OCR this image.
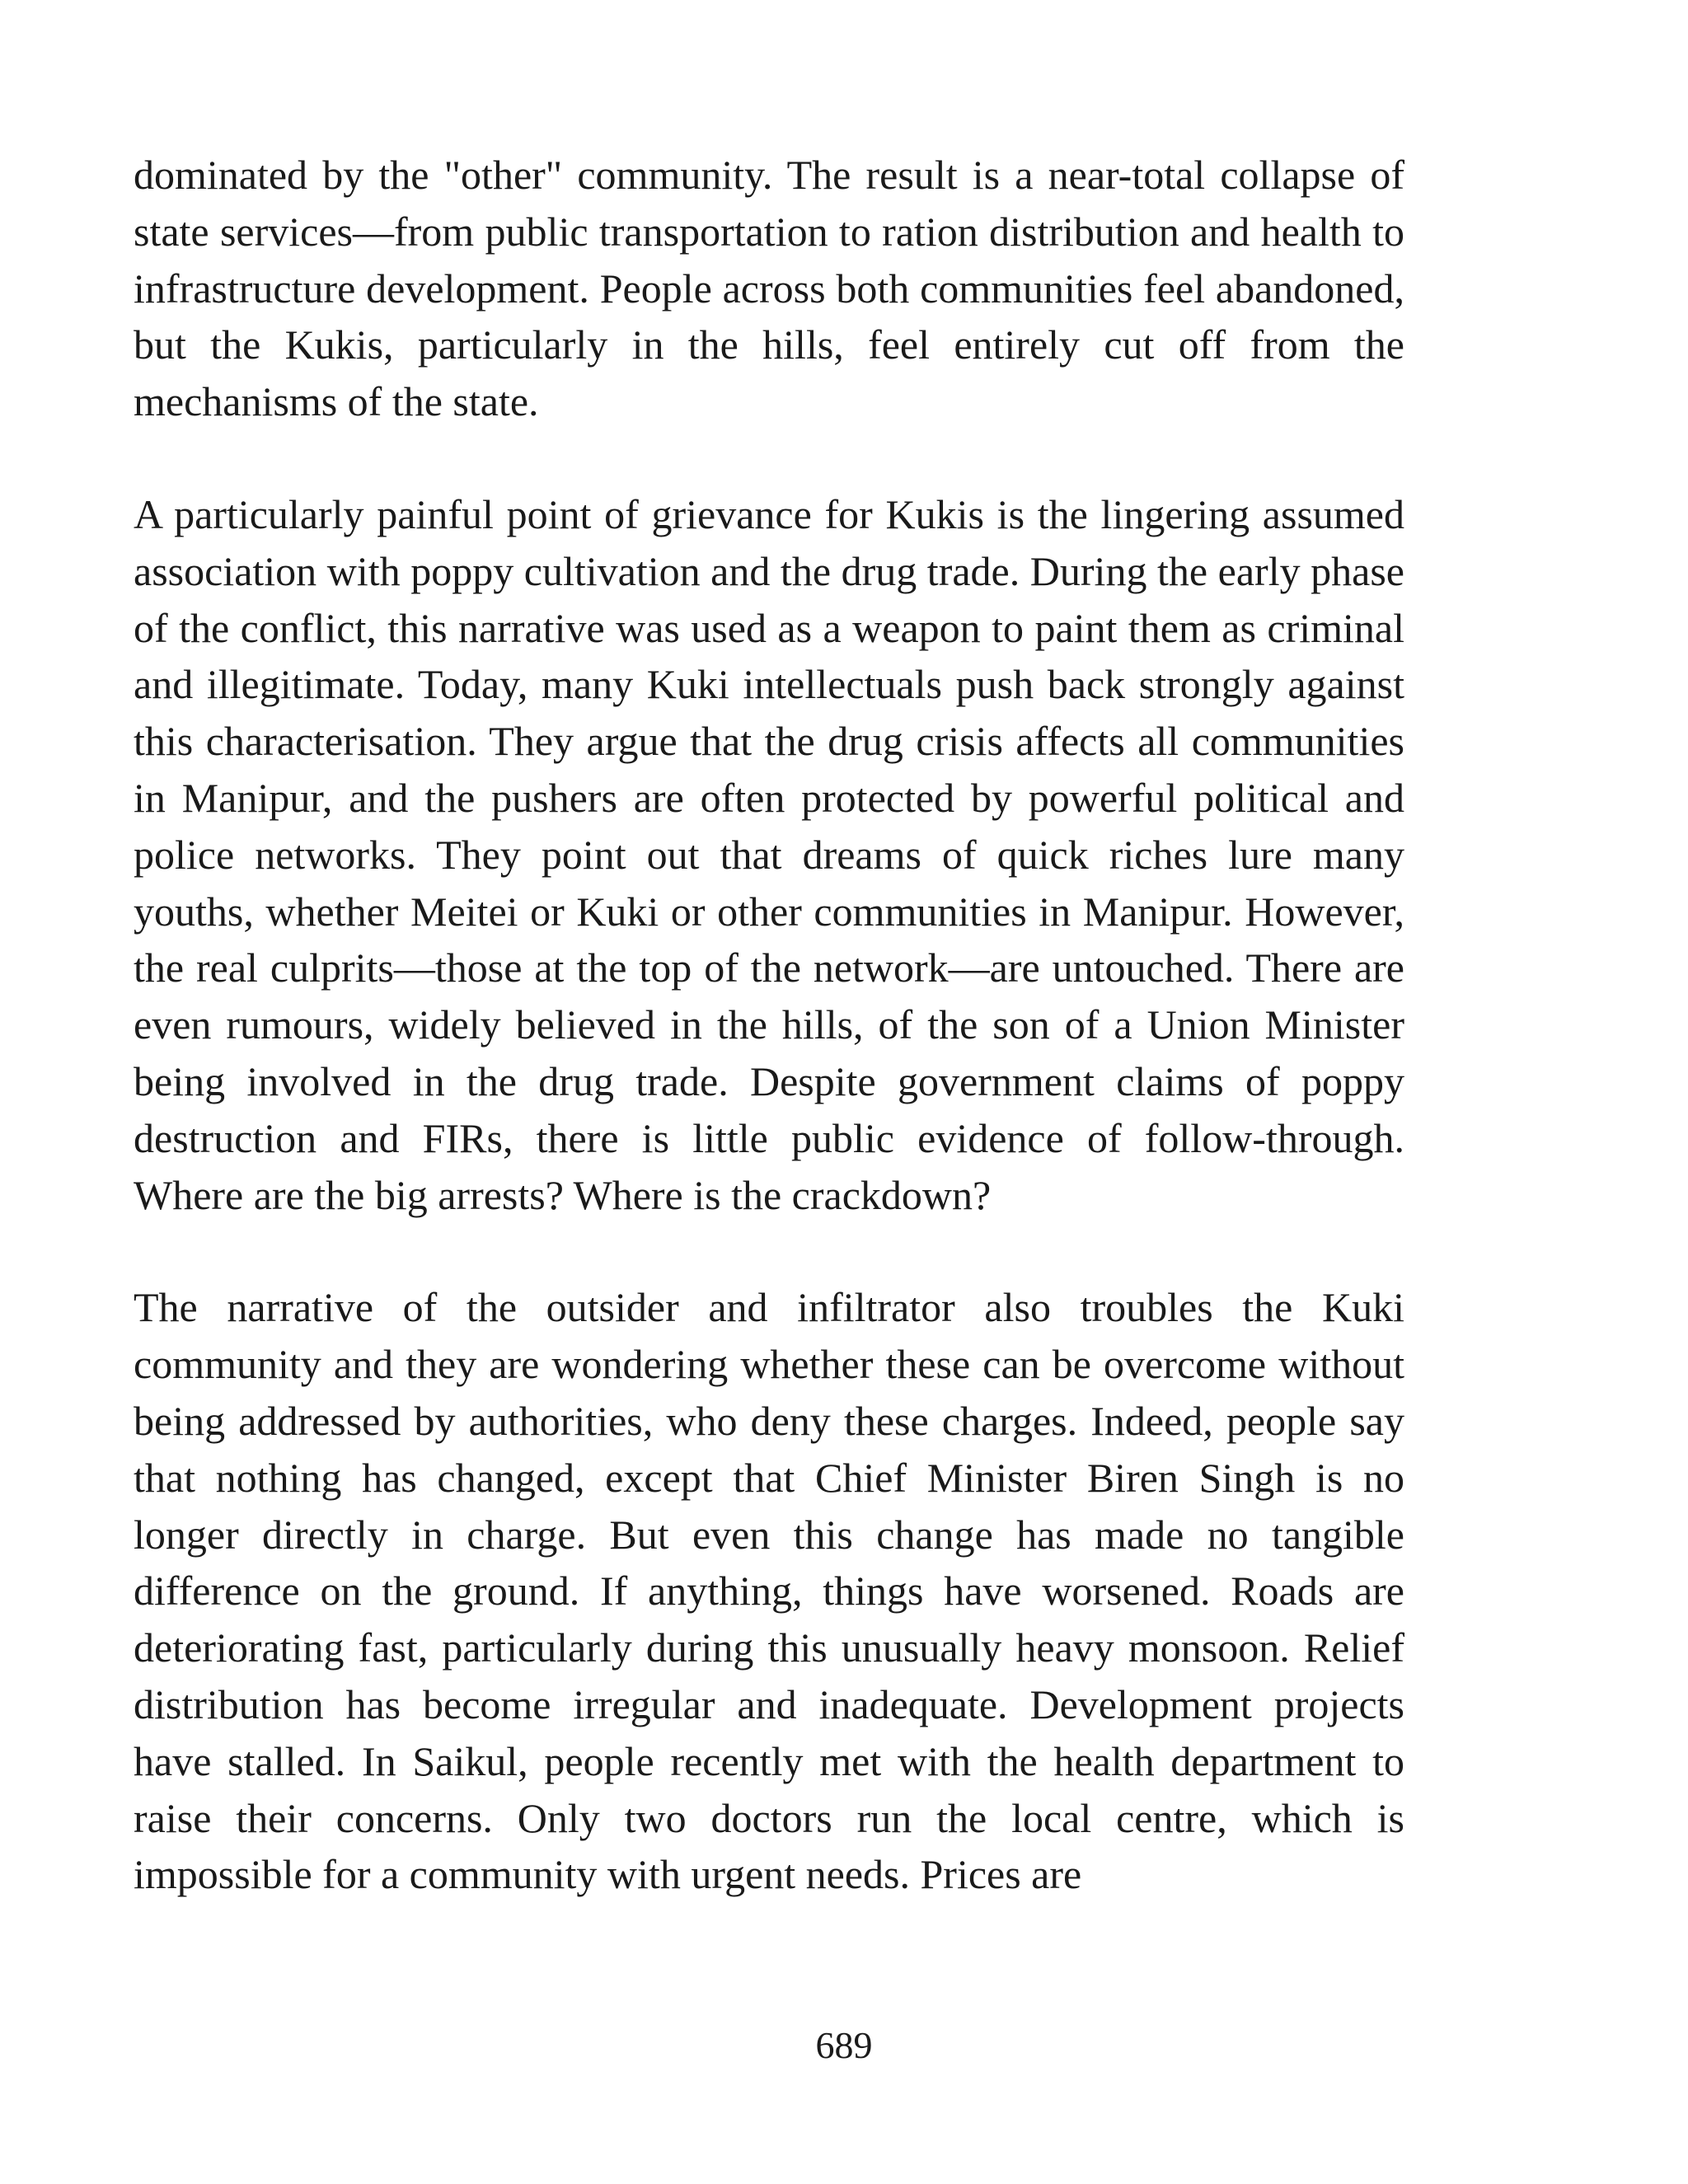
dominated by the "other" community. The result is a near-total collapse of state services—from public transportation to ration distribution and health to infrastructure development. People across both communities feel abandoned, but the Kukis, particularly in the hills, feel entirely cut off from the mechanisms of the state.

A particularly painful point of grievance for Kukis is the lingering assumed association with poppy cultivation and the drug trade. During the early phase of the conflict, this narrative was used as a weapon to paint them as criminal and illegitimate. Today, many Kuki intellectuals push back strongly against this characterisation. They argue that the drug crisis affects all communities in Manipur, and the pushers are often protected by powerful political and police networks. They point out that dreams of quick riches lure many youths, whether Meitei or Kuki or other communities in Manipur. However, the real culprits—those at the top of the network—are untouched. There are even rumours, widely believed in the hills, of the son of a Union Minister being involved in the drug trade. Despite government claims of poppy destruction and FIRs, there is little public evidence of follow-through. Where are the big arrests? Where is the crackdown?

The narrative of the outsider and infiltrator also troubles the Kuki community and they are wondering whether these can be overcome without being addressed by authorities, who deny these charges. Indeed, people say that nothing has changed, except that Chief Minister Biren Singh is no longer directly in charge. But even this change has made no tangible difference on the ground. If anything, things have worsened. Roads are deteriorating fast, particularly during this unusually heavy monsoon. Relief distribution has become irregular and inadequate. Development projects have stalled. In Saikul, people recently met with the health department to raise their concerns. Only two doctors run the local centre, which is impossible for a community with urgent needs. Prices are

689
